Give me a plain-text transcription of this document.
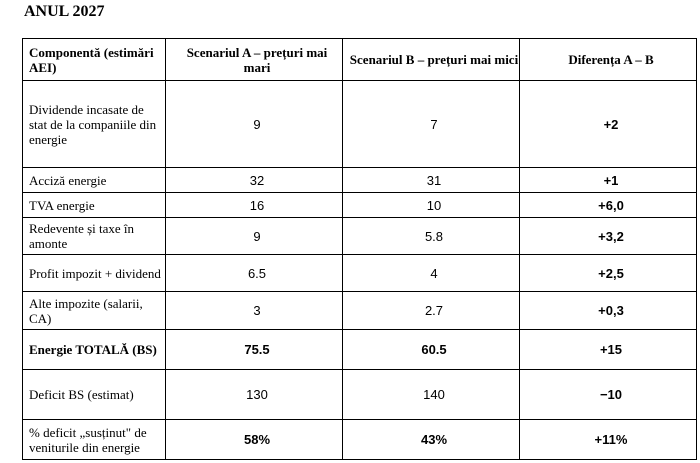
ANUL 2027
Componentă (estimări AEI)	Scenariul A – prețuri mai mari	Scenariul B – prețuri mai mici	Diferența A – B
Dividende incasate de stat de la companiile din energie	9	7	+2
Acciză energie	32	31	+1
TVA energie	16	10	+6,0
Redevente și taxe în amonte	9	5.8	+3,2
Profit impozit + dividend	6.5	4	+2,5
Alte impozite (salarii, CA)	3	2.7	+0,3
Energie TOTALĂ (BS)	75.5	60.5	+15
Deficit BS (estimat)	130	140	−10
% deficit „susținut" de veniturile din energie	58%	43%	+11%
